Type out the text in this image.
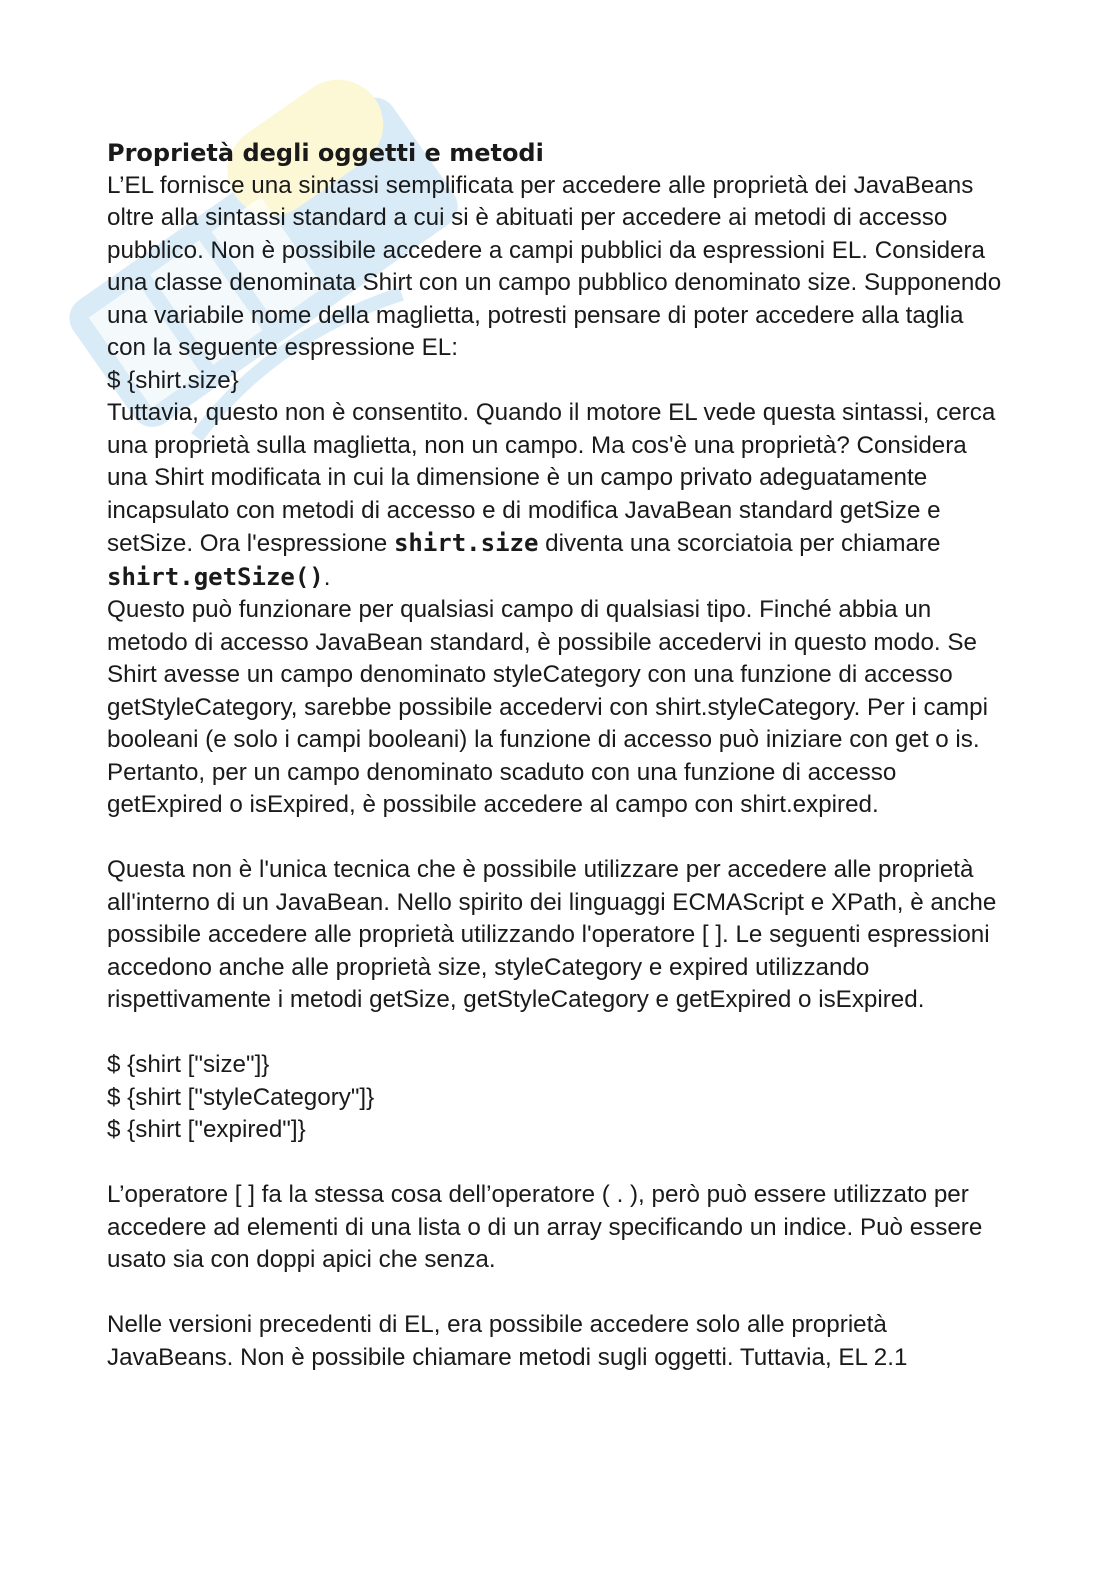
Proprietà degli oggetti e metodi

L’EL fornisce una sintassi semplificata per accedere alle proprietà dei JavaBeans oltre alla sintassi standard a cui si è abituati per accedere ai metodi di accesso pubblico. Non è possibile accedere a campi pubblici da espressioni EL. Considera una classe denominata Shirt con un campo pubblico denominato size. Supponendo una variabile nome della maglietta, potresti pensare di poter accedere alla taglia con la seguente espressione EL:

$ {shirt.size}

Tuttavia, questo non è consentito. Quando il motore EL vede questa sintassi, cerca una proprietà sulla maglietta, non un campo. Ma cos'è una proprietà? Considera una Shirt modificata in cui la dimensione è un campo privato adeguatamente incapsulato con metodi di accesso e di modifica JavaBean standard getSize e setSize. Ora l'espressione shirt.size diventa una scorciatoia per chiamare shirt.getSize().

Questo può funzionare per qualsiasi campo di qualsiasi tipo. Finché abbia un metodo di accesso JavaBean standard, è possibile accedervi in questo modo. Se Shirt avesse un campo denominato styleCategory con una funzione di accesso getStyleCategory, sarebbe possibile accedervi con shirt.styleCategory. Per i campi booleani (e solo i campi booleani) la funzione di accesso può iniziare con get o is. Pertanto, per un campo denominato scaduto con una funzione di accesso getExpired o isExpired, è possibile accedere al campo con shirt.expired.

Questa non è l'unica tecnica che è possibile utilizzare per accedere alle proprietà all'interno di un JavaBean. Nello spirito dei linguaggi ECMAScript e XPath, è anche possibile accedere alle proprietà utilizzando l'operatore [ ]. Le seguenti espressioni accedono anche alle proprietà size, styleCategory e expired utilizzando rispettivamente i metodi getSize, getStyleCategory e getExpired o isExpired.

$ {shirt ["size"]}

$ {shirt ["styleCategory"]}

$ {shirt ["expired"]}

L’operatore [ ] fa la stessa cosa dell’operatore ( . ), però può essere utilizzato per accedere ad elementi di una lista o di un array specificando un indice. Può essere usato sia con doppi apici che senza.

Nelle versioni precedenti di EL, era possibile accedere solo alle proprietà JavaBeans. Non è possibile chiamare metodi sugli oggetti. Tuttavia, EL 2.1
